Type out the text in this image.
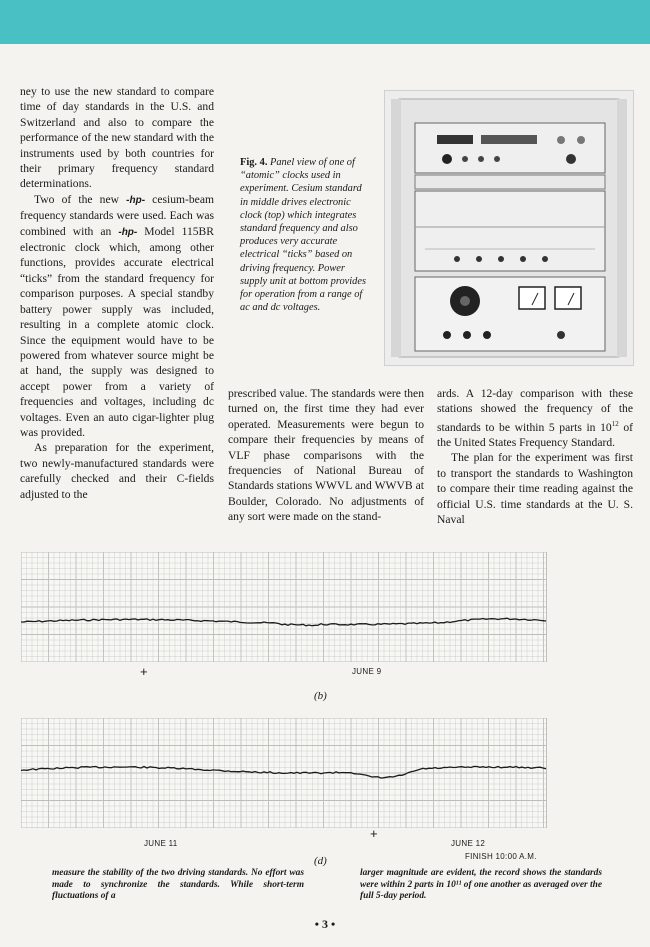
ney to use the new standard to compare time of day standards in the U.S. and Switzerland and also to compare the performance of the new standard with the instruments used by both countries for their primary frequency standard determinations.

Two of the new -hp- cesium-beam frequency standards were used. Each was combined with an -hp- Model 115BR electronic clock which, among other functions, provides accurate electrical “ticks” from the standard frequency for comparison purposes. A special standby battery power supply was included, resulting in a complete atomic clock. Since the equipment would have to be powered from whatever source might be at hand, the supply was designed to accept power from a variety of frequencies and voltages, including dc voltages. Even an auto cigar-lighter plug was provided.

As preparation for the experiment, two newly-manufactured standards were carefully checked and their C-fields adjusted to the

Fig. 4. Panel view of one of “atomic” clocks used in experiment. Cesium standard in middle drives electronic clock (top) which integrates standard frequency and also produces very accurate electrical “ticks” based on driving frequency. Power supply unit at bottom provides for operation from a range of ac and dc voltages.

prescribed value. The standards were then turned on, the first time they had ever operated. Measurements were begun to compare their frequencies by means of VLF phase comparisons with the frequencies of National Bureau of Standards stations WWVL and WWVB at Boulder, Colorado. No adjustments of any sort were made on the stand-

ards. A 12-day comparison with these stations showed the frequency of the standards to be within 5 parts in $10^{12}$ of the United States Frequency Standard.

The plan for the experiment was first to transport the standards to Washington to compare their time reading against the official U.S. time standards at the U. S. Naval

+	JUNE 9
(b)
+
JUNE 11	JUNE 12
FINISH 10:00 A.M.
(d)
measure the stability of the two driving standards. No effort was made to synchronize the standards. While short-term fluctuations of a
larger magnitude are evident, the record shows the standards were within 2 parts in 10¹¹ of one another as averaged over the full 5-day period.
• 3 •
